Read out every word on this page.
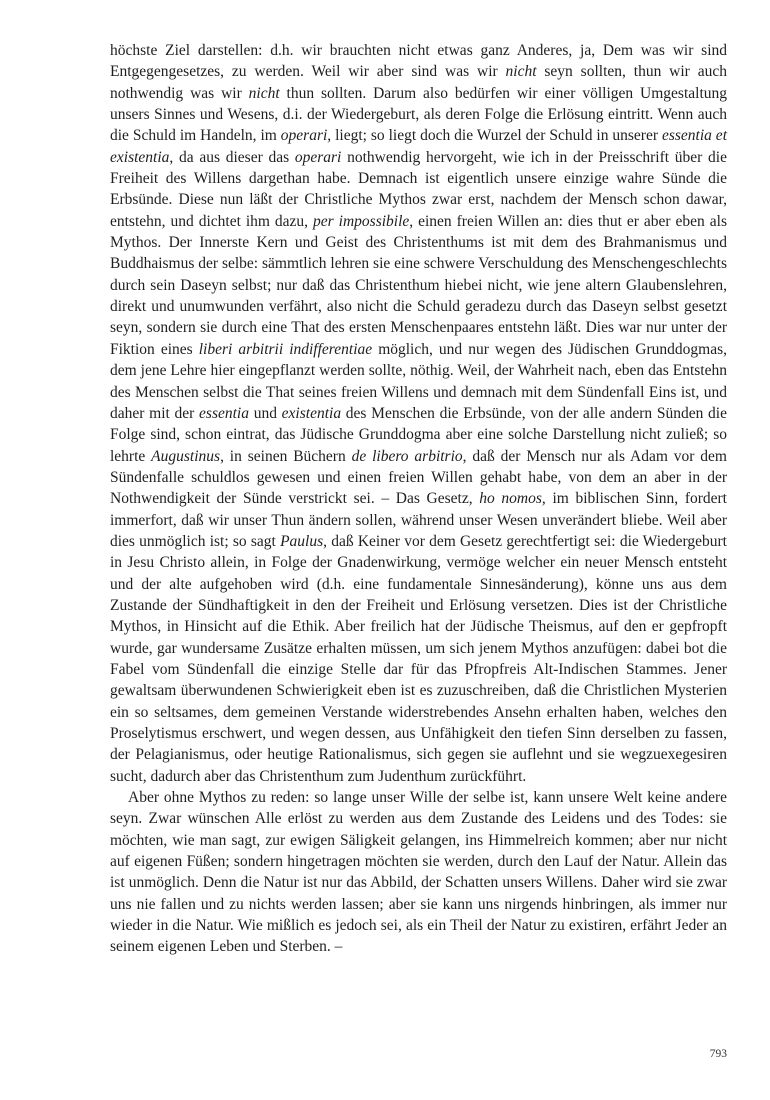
höchste Ziel darstellen: d.h. wir brauchten nicht etwas ganz Anderes, ja, Dem was wir sind Entgegengesetzes, zu werden. Weil wir aber sind was wir nicht seyn sollten, thun wir auch nothwendig was wir nicht thun sollten. Darum also bedürfen wir einer völligen Umgestaltung unsers Sinnes und Wesens, d.i. der Wiedergeburt, als deren Folge die Erlösung eintritt. Wenn auch die Schuld im Handeln, im operari, liegt; so liegt doch die Wurzel der Schuld in unserer essentia et existentia, da aus dieser das operari nothwendig hervorgeht, wie ich in der Preisschrift über die Freiheit des Willens dargethan habe. Demnach ist eigentlich unsere einzige wahre Sünde die Erbsünde. Diese nun läßt der Christliche Mythos zwar erst, nachdem der Mensch schon dawar, entstehn, und dichtet ihm dazu, per impossibile, einen freien Willen an: dies thut er aber eben als Mythos. Der Innerste Kern und Geist des Christenthums ist mit dem des Brahmanismus und Buddhaismus der selbe: sämmtlich lehren sie eine schwere Verschuldung des Menschengeschlechts durch sein Daseyn selbst; nur daß das Christenthum hiebei nicht, wie jene altern Glaubenslehren, direkt und unumwunden verfährt, also nicht die Schuld geradezu durch das Daseyn selbst gesetzt seyn, sondern sie durch eine That des ersten Menschenpaares entstehn läßt. Dies war nur unter der Fiktion eines liberi arbitrii indifferentiae möglich, und nur wegen des Jüdischen Grunddogmas, dem jene Lehre hier eingepflanzt werden sollte, nöthig. Weil, der Wahrheit nach, eben das Entstehn des Menschen selbst die That seines freien Willens und demnach mit dem Sündenfall Eins ist, und daher mit der essentia und existentia des Menschen die Erbsünde, von der alle andern Sünden die Folge sind, schon eintrat, das Jüdische Grunddogma aber eine solche Darstellung nicht zuließ; so lehrte Augustinus, in seinen Büchern de libero arbitrio, daß der Mensch nur als Adam vor dem Sündenfalle schuldlos gewesen und einen freien Willen gehabt habe, von dem an aber in der Nothwendigkeit der Sünde verstrickt sei. – Das Gesetz, ho nomos, im biblischen Sinn, fordert immerfort, daß wir unser Thun ändern sollen, während unser Wesen unverändert bliebe. Weil aber dies unmöglich ist; so sagt Paulus, daß Keiner vor dem Gesetz gerechtfertigt sei: die Wiedergeburt in Jesu Christo allein, in Folge der Gnadenwirkung, vermöge welcher ein neuer Mensch entsteht und der alte aufgehoben wird (d.h. eine fundamentale Sinnesänderung), könne uns aus dem Zustande der Sündhaftigkeit in den der Freiheit und Erlösung versetzen. Dies ist der Christliche Mythos, in Hinsicht auf die Ethik. Aber freilich hat der Jüdische Theismus, auf den er gepfropft wurde, gar wundersame Zusätze erhalten müssen, um sich jenem Mythos anzufügen: dabei bot die Fabel vom Sündenfall die einzige Stelle dar für das Pfropfreis Alt-Indischen Stammes. Jener gewaltsam überwundenen Schwierigkeit eben ist es zuzuschreiben, daß die Christlichen Mysterien ein so seltsames, dem gemeinen Verstande widerstrebendes Ansehn erhalten haben, welches den Proselytismus erschwert, und wegen dessen, aus Unfähigkeit den tiefen Sinn derselben zu fassen, der Pelagianismus, oder heutige Rationalismus, sich gegen sie auflehnt und sie wegzuexegesiren sucht, dadurch aber das Christenthum zum Judenthum zurückführt.

Aber ohne Mythos zu reden: so lange unser Wille der selbe ist, kann unsere Welt keine andere seyn. Zwar wünschen Alle erlöst zu werden aus dem Zustande des Leidens und des Todes: sie möchten, wie man sagt, zur ewigen Säligkeit gelangen, ins Himmelreich kommen; aber nur nicht auf eigenen Füßen; sondern hingetragen möchten sie werden, durch den Lauf der Natur. Allein das ist unmöglich. Denn die Natur ist nur das Abbild, der Schatten unsers Willens. Daher wird sie zwar uns nie fallen und zu nichts werden lassen; aber sie kann uns nirgends hinbringen, als immer nur wieder in die Natur. Wie mißlich es jedoch sei, als ein Theil der Natur zu existiren, erfährt Jeder an seinem eigenen Leben und Sterben. –

793
